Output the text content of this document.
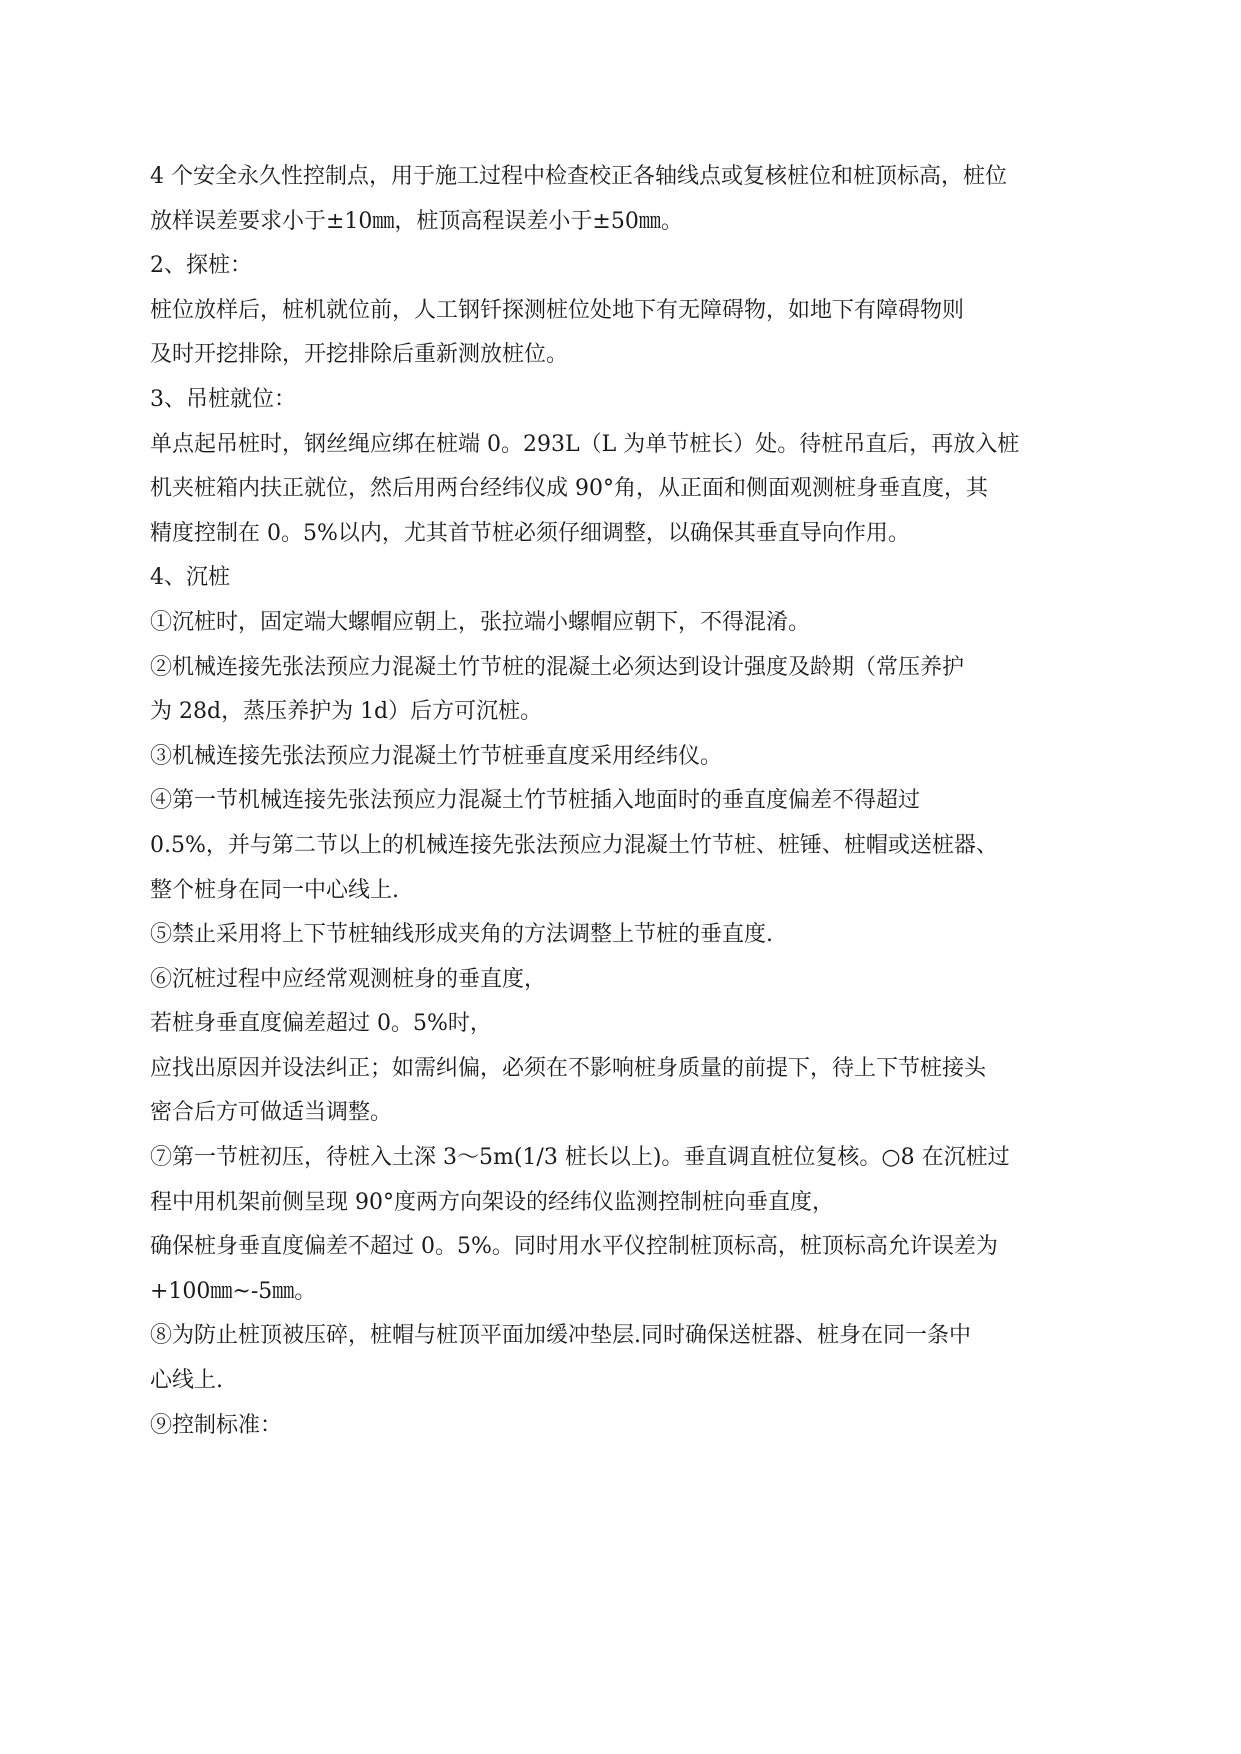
4 个安全永久性控制点，用于施工过程中检查校正各轴线点或复核桩位和桩顶标高，桩位
放样误差要求小于±10㎜，桩顶高程误差小于±50㎜。
2、探桩：
桩位放样后，桩机就位前，人工钢钎探测桩位处地下有无障碍物，如地下有障碍物则
及时开挖排除，开挖排除后重新测放桩位。
3、吊桩就位：
单点起吊桩时，钢丝绳应绑在桩端 0。293L（L 为单节桩长）处。待桩吊直后，再放入桩
机夹桩箱内扶正就位，然后用两台经纬仪成 90°角，从正面和侧面观测桩身垂直度，其
精度控制在 0。5%以内，尤其首节桩必须仔细调整，以确保其垂直导向作用。
4、沉桩
①沉桩时，固定端大螺帽应朝上，张拉端小螺帽应朝下，不得混淆。
②机械连接先张法预应力混凝土竹节桩的混凝土必须达到设计强度及龄期（常压养护
为 28d，蒸压养护为 1d）后方可沉桩。
③机械连接先张法预应力混凝土竹节桩垂直度采用经纬仪。
④第一节机械连接先张法预应力混凝土竹节桩插入地面时的垂直度偏差不得超过
0.5%，并与第二节以上的机械连接先张法预应力混凝土竹节桩、桩锤、桩帽或送桩器、
整个桩身在同一中心线上.
⑤禁止采用将上下节桩轴线形成夹角的方法调整上节桩的垂直度.
⑥沉桩过程中应经常观测桩身的垂直度，
若桩身垂直度偏差超过 0。5%时，
应找出原因并设法纠正；如需纠偏，必须在不影响桩身质量的前提下，待上下节桩接头
密合后方可做适当调整。
⑦第一节桩初压，待桩入土深 3～5m(1/3 桩长以上)。垂直调直桩位复核。○8 在沉桩过
程中用机架前侧呈现 90°度两方向架设的经纬仪监测控制桩向垂直度，
确保桩身垂直度偏差不超过 0。5%。同时用水平仪控制桩顶标高，桩顶标高允许误差为
+100㎜~-5㎜。
⑧为防止桩顶被压碎，桩帽与桩顶平面加缓冲垫层.同时确保送桩器、桩身在同一条中
心线上.
⑨控制标准：
